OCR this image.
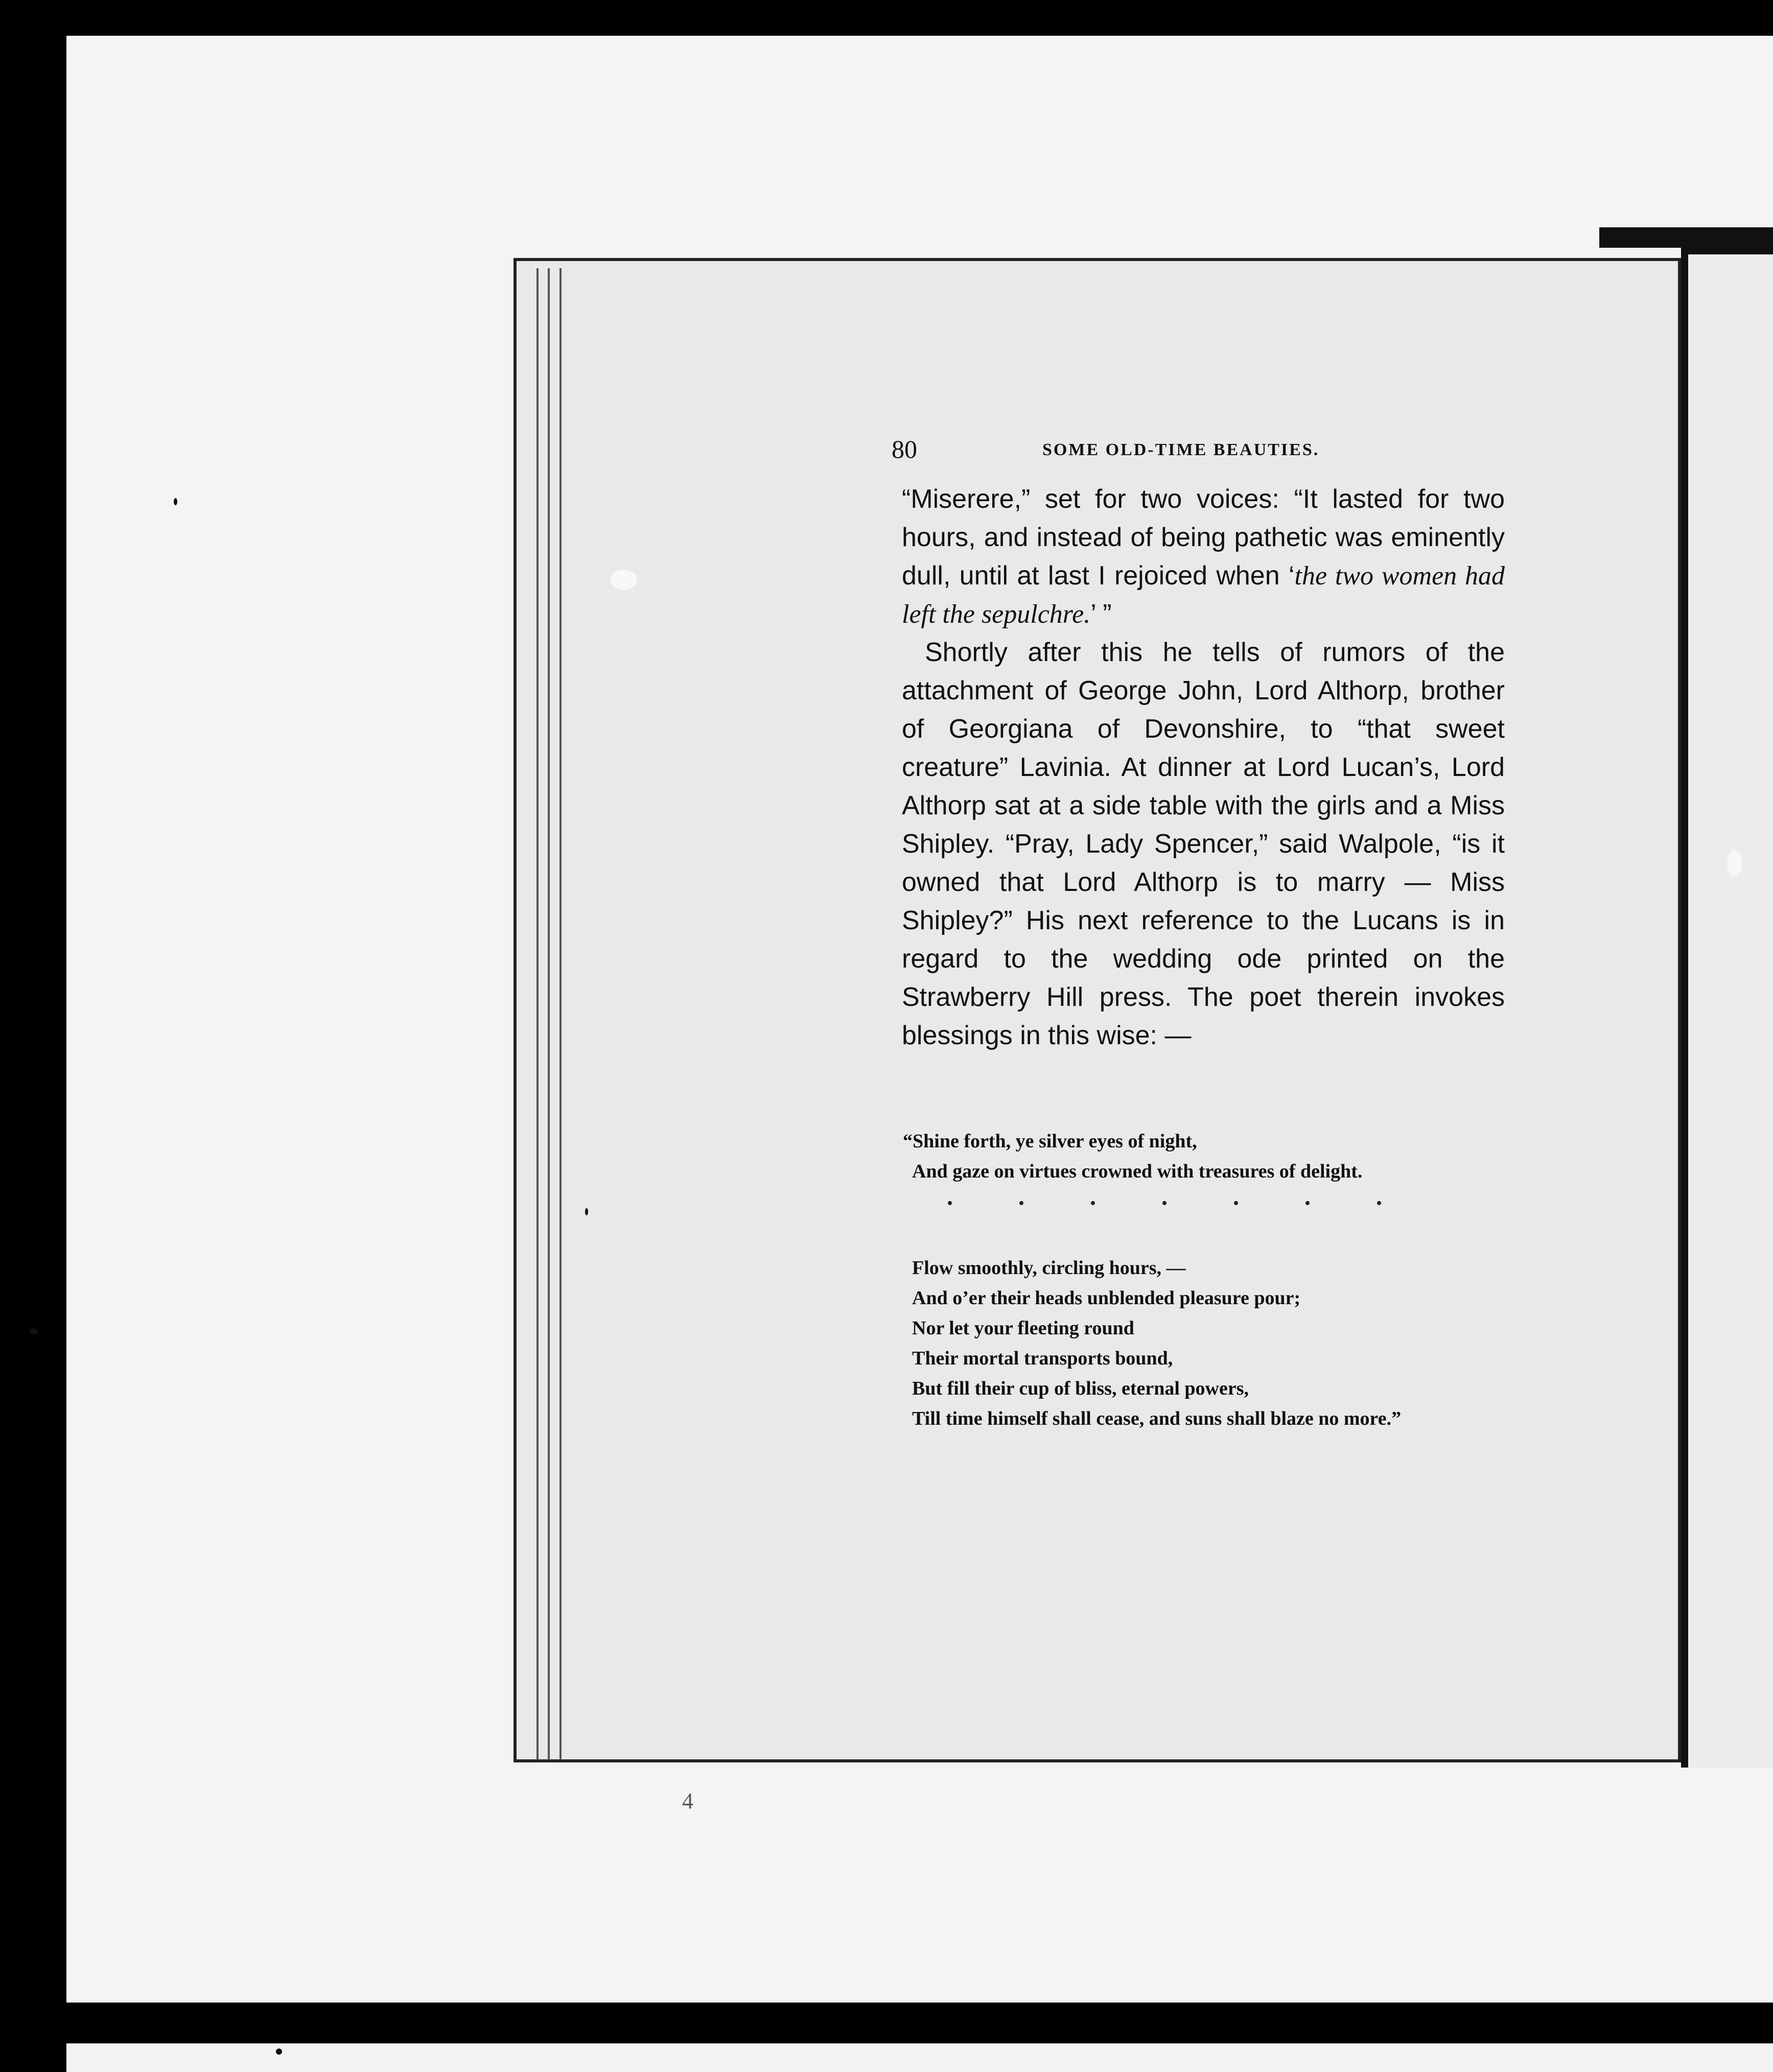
80	SOME OLD-TIME BEAUTIES.

“Miserere,” set for two voices: “It lasted for two hours, and instead of being pathetic was eminently dull, until at last I rejoiced when ‘the two women had left the sepulchre.’ ”

Shortly after this he tells of rumors of the attachment of George John, Lord Althorp, brother of Georgiana of Devonshire, to “that sweet creature” Lavinia. At dinner at Lord Lucan’s, Lord Althorp sat at a side table with the girls and a Miss Shipley. “Pray, Lady Spencer,” said Walpole, “is it owned that Lord Althorp is to marry — Miss Shipley?” His next reference to the Lucans is in regard to the wedding ode printed on the Strawberry Hill press. The poet therein invokes blessings in this wise: —

“Shine forth, ye silver eyes of night,
And gaze on virtues crowned with treasures of delight.
Flow smoothly, circling hours, —
And o’er their heads unblended pleasure pour;
Nor let your fleeting round
Their mortal transports bound,
But fill their cup of bliss, eternal powers,
Till time himself shall cease, and suns shall blaze no more.”
4
